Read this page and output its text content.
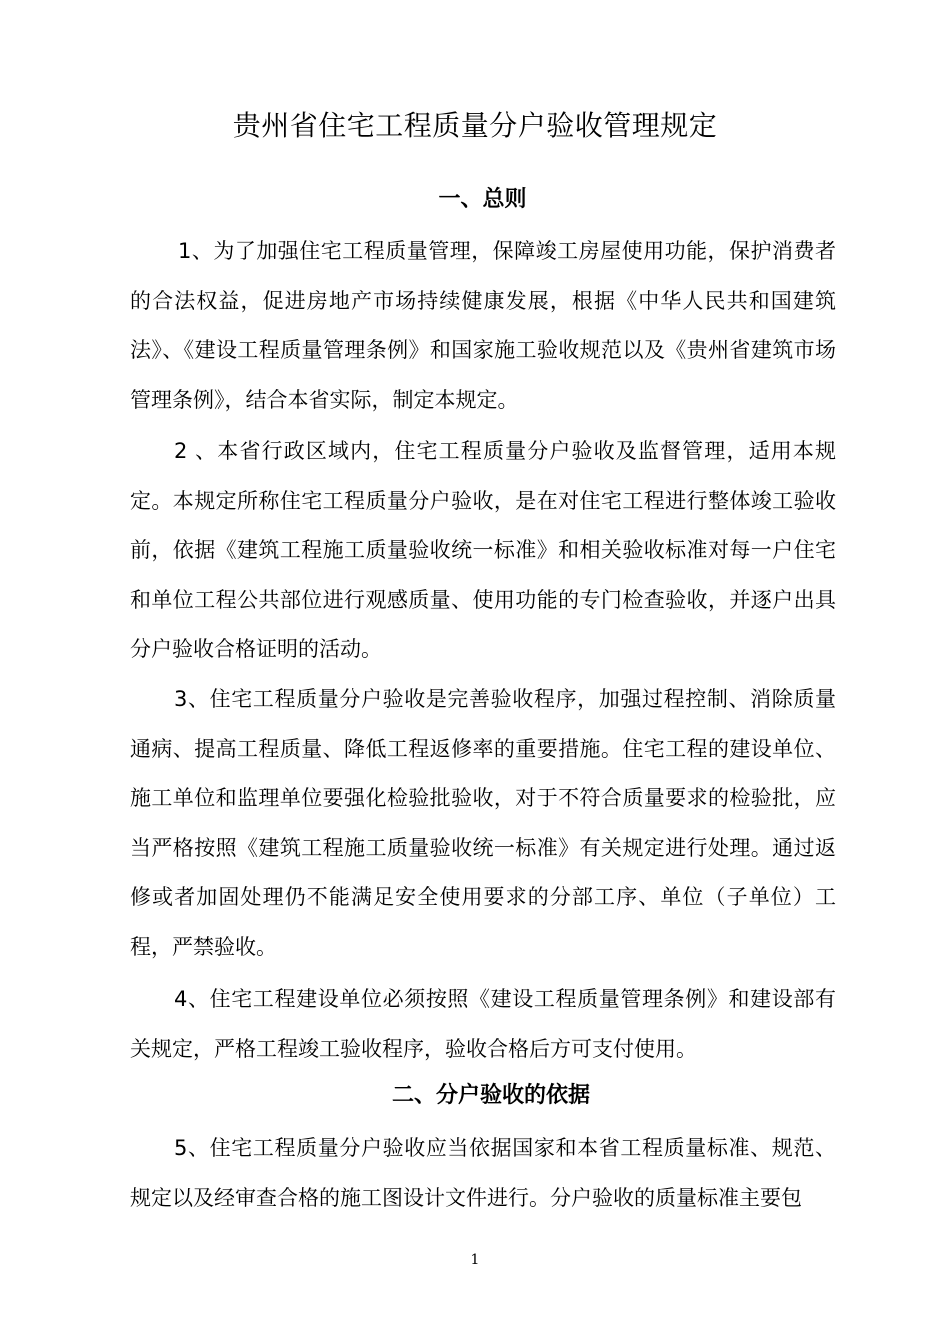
贵州省住宅工程质量分户验收管理规定
一、总则

1、为了加强住宅工程质量管理，保障竣工房屋使用功能，保护消费者的合法权益，促进房地产市场持续健康发展，根据《中华人民共和国建筑法》、《建设工程质量管理条例》和国家施工验收规范以及《贵州省建筑市场管理条例》，结合本省实际，制定本规定。

2 、本省行政区域内，住宅工程质量分户验收及监督管理，适用本规定。本规定所称住宅工程质量分户验收，是在对住宅工程进行整体竣工验收前，依据《建筑工程施工质量验收统一标准》和相关验收标准对每一户住宅和单位工程公共部位进行观感质量、使用功能的专门检查验收，并逐户出具分户验收合格证明的活动。

3、住宅工程质量分户验收是完善验收程序，加强过程控制、消除质量通病、提高工程质量、降低工程返修率的重要措施。住宅工程的建设单位、施工单位和监理单位要强化检验批验收，对于不符合质量要求的检验批，应当严格按照《建筑工程施工质量验收统一标准》有关规定进行处理。通过返修或者加固处理仍不能满足安全使用要求的分部工序、单位（子单位）工程，严禁验收。

4、住宅工程建设单位必须按照《建设工程质量管理条例》和建设部有关规定，严格工程竣工验收程序，验收合格后方可支付使用。

二、分户验收的依据

5、住宅工程质量分户验收应当依据国家和本省工程质量标准、规范、规定以及经审查合格的施工图设计文件进行。分户验收的质量标准主要包

1
